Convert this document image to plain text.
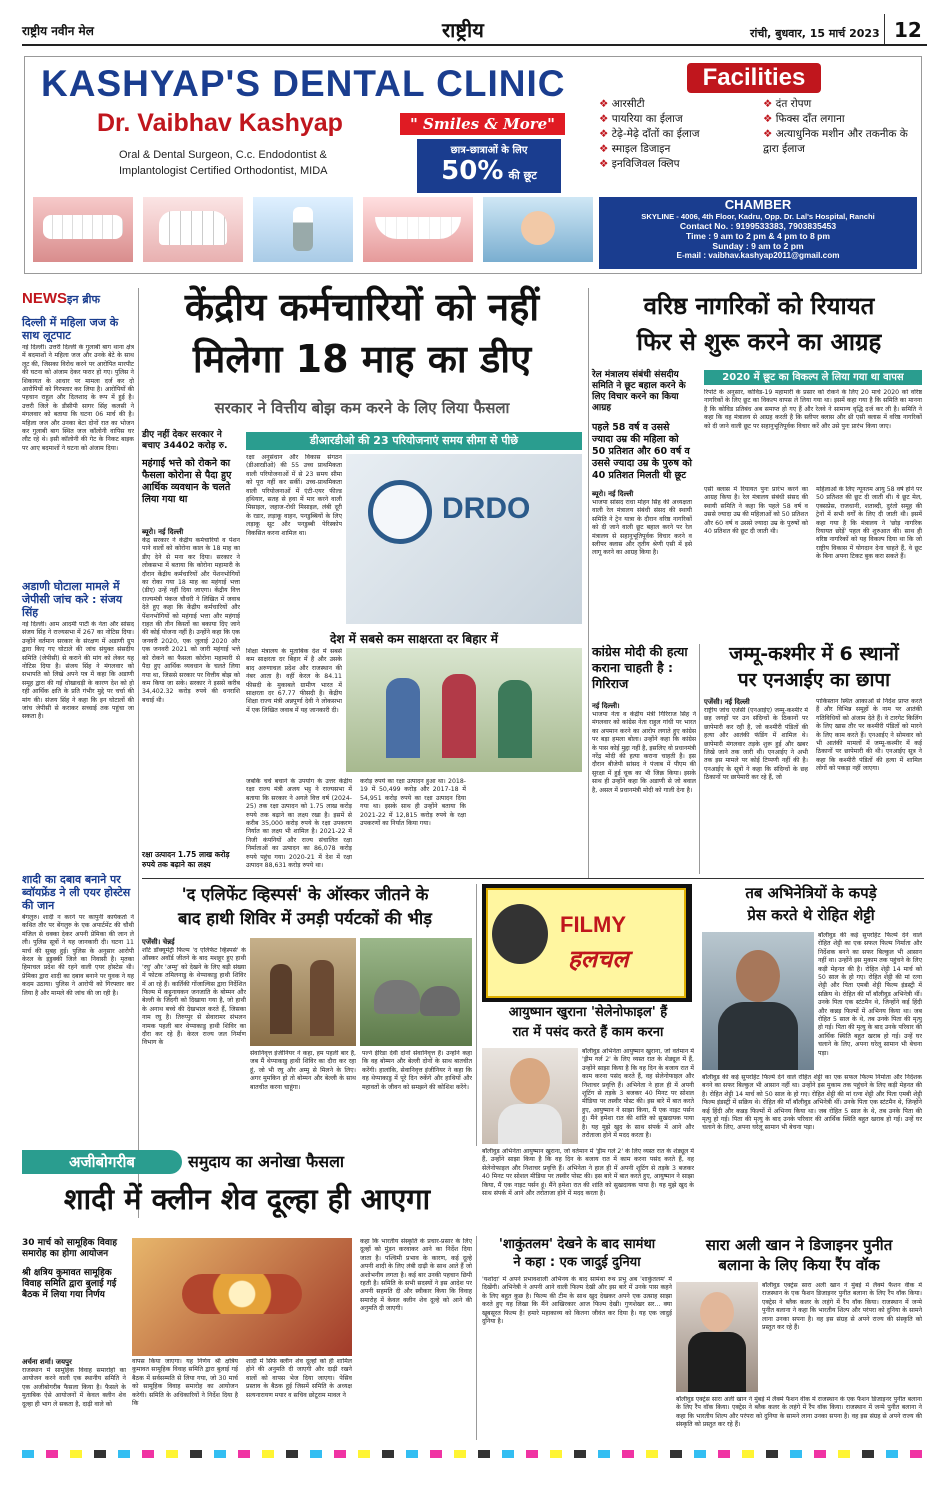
राष्ट्रीय नवीन मेल	राष्ट्रीय	रांची, बुधवार, 15 मार्च 2023 12
KASHYAP'S DENTAL CLINIC
Dr. Vaibhav Kashyap	" Smiles & More"
Oral & Dental Surgeon, C.c. Endodontist &
Implantologist Certified Orthodontist, MIDA
छात्र-छात्राओं के लिए
50% की छूट
Facilities
❖ आरसीटी
❖ पायरिया का ईलाज
❖ टेढ़े-मेढ़े दाँतों का ईलाज
❖ स्माइल डिजाइन
❖ इनविजिवल क्लिप
❖ दंत रोपण
❖ फिक्स दाँत लगाना
❖ अत्याधुनिक मशीन और तकनीक के द्वारा ईलाज
CHAMBER
SKYLINE - 4006, 4th Floor, Kadru, Opp. Dr. Lal's Hospital, Ranchi
Contact No. : 9199533383, 7903835453
Time : 9 am to 2 pm & 4 pm to 8 pm
Sunday : 9 am to 2 pm
E-mail : vaibhav.kashyap2011@gmail.com
NEWSइन ब्रीफ
दिल्ली में महिला जज के साथ लूटपाट
नई दिल्ली। उत्तरी दिल्ली के गुलाबी बाग थाना क्षेत्र में बदमाशों ने महिला जज और उनके बेटे के साथ लूट की, जिसका विरोध करने पर आरोपित मारपीट की घटना को अंजाम देकर फरार हो गए। पुलिस ने शिकायत के आधार पर मामला दर्ज कर दो आरोपियों को गिरफ्तार कर लिया है। आरोपियों की पहचान राहुल और दिलशाद के रूप में हुई है। उत्तरी जिले के डीसीपी सागर सिंह कलसी ने मंगलवार को बताया कि घटना 06 मार्च की है। महिला जज और उनका बेटा दोनों रात का भोजन कर गुलाबी बाग स्थित जज कॉलोनी वापिस घर लौट रहे थे। इसी कॉलोनी की गेट के निकट बाइक पर आए बदमाशों ने घटना को अंजाम दिया।
अडाणी घोटाला मामले में जेपीसी जांच करे : संजय सिंह
नई दिल्ली। आम आदमी पार्टी के नेता और सांसद संजय सिंह ने राज्यसभा में 267 का नोटिस दिया। उन्होंने वर्तमान सरकार के संरक्षण में अडाणी ग्रुप द्वारा किए गए घोटाले की जांच संयुक्त संसदीय समिति (जेपीसी) से कराने की मांग को लेकर यह नोटिस दिया है। संजय सिंह ने मंगलवार को सभापति को लिखे अपने पत्र में कहा कि अडाणी समूह द्वारा की गई धोखाधड़ी के कारण देश को हो रही आर्थिक क्षति के प्रति गंभीर मुद्दे पर चर्चा की मांग की। संजय सिंह ने कहा कि इन घोटालों की जांच जेपीसी से कराकर सच्चाई तक पहुंचा जा सकता है।
शादी का दबाव बनाने पर ब्वॉयफ्रेंड ने ली एयर होस्टेस की जान
बेंगलुरु। शादी न करने पर कापुनी कार्यकर्ता ने कथित तौर पर बेंगलुरु के एक अपार्टमेंट की चौथी मंजिल से धक्का देकर अपनी प्रेमिका की जान ले ली। पुलिस सूत्रों ने यह जानकारी दी। घटना 11 मार्च की सुबह हुई। पुलिस के अनुसार आरोपी केरल के इडुक्की जिले का निवासी है। मृतका हिमाचल प्रदेश की रहने वाली एयर होस्टेस थी। प्रेमिका द्वारा शादी का दबाव बनाने पर युवक ने यह कदम उठाया। पुलिस ने आरोपी को गिरफ्तार कर लिया है और मामले की जांच की जा रही है।
केंद्रीय कर्मचारियों को नहीं
मिलेगा 18 माह का डीए
सरकार ने वित्तीय बोझ कम करने के लिए लिया फैसला
डीए नहीं देकर सरकार ने बचाए 34402 करोड़ रु.
महंगाई भत्ते को रोकने का फैसला कोरोना से पैदा हुए आर्थिक व्यवधान के चलते लिया गया था
ब्यूरो। नई दिल्ली
केंद्र सरकार ने केंद्रीय कर्मचारियों व पेंशन पाने वालों को कोरोना काल के 18 माह का डीए देने से मना कर दिया। सरकार ने लोकसभा में बताया कि कोरोना महामारी के दौरान केंद्रीय कर्मचारियों और पेंशनभोगियों का रोका गया 18 माह का महंगाई भत्ता (डीए) उन्हें नहीं दिया जाएगा। केंद्रीय वित्त राज्यमंत्री पंकज चौधरी ने लिखित में जवाब देते हुए कहा कि केंद्रीय कर्मचारियों और पेंशनभोगियों को महंगाई भत्ता और महंगाई राहत की तीन किस्तों का बकाया दिए जाने की कोई योजना नहीं है। उन्होंने कहा कि एक जनवरी 2020, एक जुलाई 2020 और एक जनवरी 2021 को जारी महंगाई भत्ते को रोकने का फैसला कोरोना महामारी से पैदा हुए आर्थिक व्यवधान के चलते लिया गया था, जिससे सरकार पर वित्तीय बोझ को कम किया जा सके। सरकार ने इससे करीब 34,402.32 करोड़ रुपये की धनराशि बचाई थी।
रक्षा उत्पादन 1.75 लाख करोड़ रुपये तक बढ़ाने का लक्ष्य
डीआरडीओ की 23 परियोजनाएं समय सीमा से पीछे
रक्षा अनुसंधान और विकास संगठन (डीआरडीओ) की 55 उच्च प्राथमिकता वाली परियोजनाओं में से 23 समय सीमा को पूरा नहीं कर सकीं। उच्च-प्राथमिकता वाली परियोजनाओं में एंटी-एयर फील्ड हथियार, सतह से हवा में मार करने वाली मिसाइल, जहाज-रोधी मिसाइल, लंबी दूरी के रडार, लड़ाकू वाहन, पनडुब्बियों के लिए लड़ाकू सूट और पनडुब्बी पेरिस्कोप विकसित करना शामिल था।
DRDO
देश में सबसे कम साक्षरता दर बिहार में
शिक्षा मंत्रालय के मुताबिक देश में सबसे कम साक्षरता दर बिहार में है और उसके बाद अरुणाचल प्रदेश और राजस्थान की नंबर आता है। वहीं केरल के 84.11 फीसदी के मुकाबले ग्रामीण भारत में साक्षरता दर 67.77 फीसदी है। केंद्रीय शिक्षा राज्य मंत्री अन्नपूर्णा देवी ने लोकसभा में एक लिखित जवाब में यह जानकारी दी।
जबकि चर्च बचाने के उपयोग के उत्तर केंद्रीय रक्षा राज्य मंत्री अजय भट्ट ने राज्यसभा में बताया कि सरकार ने अगले वित्त वर्ष (2024-25) तक रक्षा उत्पादन को 1.75 लाख करोड़ रुपये तक बढ़ाने का लक्ष्य रखा है। इसमें से करीब 35,000 करोड़ रुपये के रक्षा उपकरण निर्यात का लक्ष्य भी शामिल है। 2021-22 में निजी कंपनियों और राज्य संचालित रक्षा निर्माताओं का उत्पादन का 86,078 करोड़ रुपये पहुंच गया। 2020-21 में देश में रक्षा उत्पादन 88,631 करोड़ रुपये था।
करोड़ रुपये का रक्षा उत्पादन हुआ था। 2018-19 में 50,499 करोड़ और 2017-18 में 54,951 करोड़ रुपये का रक्षा उत्पादन दिया गया था। इसके साथ ही उन्होंने बताया कि 2021-22 में 12,815 करोड़ रुपये के रक्षा उपकरणों का निर्यात किया गया।
वरिष्ठ नागरिकों को रियायत
फिर से शुरू करने का आग्रह
रेल मंत्रालय संबंधी संसदीय समिति ने छूट बहाल करने के लिए विचार करने का किया आग्रह
पहले 58 वर्ष व उससे ज्यादा उम्र की महिला को 50 प्रतिशत और 60 वर्ष व उससे ज्यादा उम्र के पुरुष को 40 प्रतिशत मिलती थी छूट
ब्यूरो। नई दिल्ली
भाजपा सांसद राधा मोहन सिंह की अध्यक्षता वाली रेल मंत्रालय संबंधी संसद की स्थायी समिति ने ट्रेन यात्रा के दौरान वरिष्ठ नागरिकों को दी जाने वाली छूट बहाल करने पर रेल मंत्रालय से सहानुभूतिपूर्वक विचार करने व स्लीपर क्लास और तृतीय श्रेणी एसी में इसे लागू करने का आग्रह किया है।
2020 में छूट का विकल्प ले लिया गया था वापस
रिपोर्ट के अनुसार, कोविड-19 महामारी के प्रसार को रोकने के लिए 20 मार्च 2020 को वरिष्ठ नागरिकों के लिए छूट का विकल्प वापस ले लिया गया था। इसमें कहा गया है कि समिति का मानना है कि कोविड प्रतिबंध अब समाप्त हो गए हैं और रेलवे ने सामान्य वृद्धि दर्ज कर ली है। समिति ने कहा कि वह मंत्रालय से आग्रह करती है कि स्लीपर क्लास और थ्री एसी क्लास में वरिष्ठ नागरिकों को दी जाने वाली छूट पर सहानुभूतिपूर्वक विचार करें और उसे पुनः प्रारंभ किया जाए।
एसी क्लास में रियायत पुनः प्रारंभ करने का आग्रह किया है। रेल मंत्रालय संबंधी संसद की स्थायी समिति ने कहा कि पहले 58 वर्ष व उससे ज्यादा उम्र की महिलाओं को 50 प्रतिशत और 60 वर्ष व उससे ज्यादा उम्र के पुरुषों को 40 प्रतिशत की छूट दी जाती थी।
महिलाओं के लिए न्यूनतम आयु 58 वर्ष होने पर 50 प्रतिशत की छूट दी जाती थी। ये छूट मेल, एक्सप्रेस, राजधानी, शताब्दी, दुरंतो समूह की ट्रेनों में सभी वर्गों के लिए दी जाती थी। इसमें कहा गया है कि मंत्रालय ने 'छोड़ नागरिक रियायत छोड़ें' पहल की शुरुआत की। साथ ही वरिष्ठ नागरिकों को यह विकल्प दिया था कि जो राष्ट्रीय विकास में योगदान देना चाहते हैं, वे छूट के बिना अपना टिकट बुक करा सकते हैं।
कांग्रेस मोदी की हत्या कराना चाहती है : गिरिराज
नई दिल्ली।
भाजपा नेता व केंद्रीय मंत्री गिरिराज सिंह ने मंगलवार को कांग्रेस नेता राहुल गांधी पर भारत का अपमान करने का आरोप लगाते हुए कांग्रेस पर बड़ा हमला बोला। उन्होंने कहा कि कांग्रेस के पास कोई मुद्दा नहीं है, इसलिए वो प्रधानमंत्री नरेंद्र मोदी की हत्या कराना चाहती है। इस दौरान बीजेपी सांसद ने पंजाब में पीएम की सुरक्षा में हुई चूक का भी जिक्र किया। इसके साथ ही उन्होंने कहा कि अडाणी से जो बवाल है, असल में प्रधानमंत्री मोदी को गाली देना है।
जम्मू-कश्मीर में 6 स्थानों
पर एनआईए का छापा
एजेंसी। नई दिल्ली
राष्ट्रीय जांच एजेंसी (एनआईए) जम्मू-कश्मीर में छह जगहों पर उन संदिग्धों के ठिकानों पर छापेमारी कर रही है, जो कश्मीरी पंडितों की हत्या और आतंकी फंडिंग में शामिल थे। छापेमारी मंगलवार तड़के शुरू हुई और खबर लिखे जाने तक जारी थी। एनआईए ने अभी तक इस मामले पर कोई टिप्पणी नहीं की है। एनआईए के सूत्रों ने कहा कि संदिग्धों के छह ठिकानों पर छापेमारी कर रहे हैं, जो
पाकिस्तान स्थित आकाओं से निर्देश प्राप्त करते हैं और विभिन्न समूहों के नाम पर आतंकी गतिविधियों को अंजाम देते हैं। वे टारगेट किलिंग के लिए खास तौर पर कश्मीरी पंडितों को मारने के लिए काम करते हैं। एनआईए ने सोमवार को भी आतंकी मामलों में जम्मू-कश्मीर में कई ठिकानों पर छापेमारी की थी। एनआईए सूत्र ने कहा कि कश्मीरी पंडितों की हत्या में शामिल लोगों को पकड़ा नहीं जाएगा।
'द एलिफेंट व्हिस्पर्स' के ऑस्कर जीतने के
बाद हाथी शिविर में उमड़ी पर्यटकों की भीड़
एजेंसी। चेन्नई
शॉर्ट डॉक्यूमेंट्री फिल्म 'द एलिफेंट व्हिस्पर्स' के ऑस्कर अवॉर्ड जीतने के बाद मशहूर हुए हाथी 'रघु' और 'अम्मु' को देखने के लिए बड़ी संख्या में फोटक तमिलनाडु के थेप्पाकाडु हाथी शिविर में आ रहे हैं। कार्तिकी गोंजाल्विस द्वारा निर्देशित फिल्म में कट्टुनायकन जनजाति के बोम्मन और बेल्ली के जिंदगी को दिखाया गया है, जो हाथी के अनाथ बच्चे की देखभाल करते हैं, जिसका नाम रघु है। तिरुप्पुर से सेवारामर संभलन नामक पहली बार थेप्पाकाडु हाथी शिविर का दौरा कर रहे हैं। केरल राज्य जल निर्माण विभाग के
सेवानिवृत्त इंजीनियर ने कहा, हम पहली बार है, जब मैं थेप्पाकाडु हाथी शिविर का दौरा कर रहा हूं, जो भी रघु और अम्मु से मिलने के लिए। अगर मुमकिन हो तो बोम्मन और बेल्ली के साथ बातचीत करना चाहूंगा।
पल्ने ईरिडा देवी दोनों सेवानिवृत्त हैं। उन्होंने कहा कि वह बोम्मन और बेल्ली दोनों के साथ बातचीत करेंगी। हालांकि, सेवानिवृत्त इंजीनियर ने कहा कि वह थेप्पाकाडु में पूरे दिन रुकेंगे और हाथियों और महावतों के जीवन को समझने की कोशिश करेंगे।
FILMY
हलचल
आयुष्मान खुराना 'सेलेनोफाइल' हैं
रात में पसंद करते हैं काम करना
बॉलीवुड अभिनेता आयुष्मान खुराना, जो वर्तमान में 'ड्रीम गर्ल 2' के लिए व्यस्त रात के शेड्यूल में हैं, उन्होंने साझा किया है कि वह दिन के बजाय रात में काम करना पसंद करते हैं, वह सेलेनोफाइल और निशाचर प्रवृत्ति हैं। अभिनेता ने हाल ही में अपनी शूटिंग से तड़के 3 बजकर 40 मिनट पर सोशल मीडिया पर तस्वीर पोस्ट की। इस बारे में बात करते हुए, आयुष्मान ने साझा किया, मैं एक नाइट पर्सन हूं। मैंने हमेशा रात की शांति को सुखदायक पाया है। यह मुझे खुद के साथ संपर्क में आने और तरोताजा होने में मदद करता है।
बॉलीवुड अभिनेता आयुष्मान खुराना, जो वर्तमान में 'ड्रीम गर्ल 2' के लिए व्यस्त रात के शेड्यूल में हैं, उन्होंने साझा किया है कि वह दिन के बजाय रात में काम करना पसंद करते हैं, वह सेलेनोफाइल और निशाचर प्रवृत्ति हैं। अभिनेता ने हाल ही में अपनी शूटिंग से तड़के 3 बजकर 40 मिनट पर सोशल मीडिया पर तस्वीर पोस्ट की। इस बारे में बात करते हुए, आयुष्मान ने साझा किया, मैं एक नाइट पर्सन हूं। मैंने हमेशा रात की शांति को सुखदायक पाया है। यह मुझे खुद के साथ संपर्क में आने और तरोताजा होने में मदद करता है।
तब अभिनेत्रियों के कपड़े
प्रेस करते थे रोहित शेट्टी
बॉलीवुड की कई सुपरहिट फिल्में देने वाले रोहित शेट्टी का एक सफल फिल्म निर्माता और निर्देशक बनने का सफर बिल्कुल भी आसान नहीं था। उन्होंने इस मुकाम तक पहुंचने के लिए कड़ी मेहनत की है। रोहित शेट्टी 14 मार्च को 50 साल के हो गए। रोहित शेट्टी की मां रत्ना शेट्टी और पिता एमबी शेट्टी फिल्म इंडस्ट्री में सक्रिय थे। रोहित की माँ बॉलीवुड अभिनेत्री थीं। उनके पिता एक स्टंटमैन थे, जिन्होंने कई हिंदी और कन्नड़ फिल्मों में अभिनय किया था। जब रोहित 5 साल के थे, तब उनके पिता की मृत्यु हो गई। पिता की मृत्यु के बाद उनके परिवार की आर्थिक स्थिति बहुत खराब हो गई। उन्हें घर चलाने के लिए, अपना घरेलू सामान भी बेचना पड़ा।
बॉलीवुड की कई सुपरहिट फिल्में देने वाले रोहित शेट्टी का एक सफल फिल्म निर्माता और निर्देशक बनने का सफर बिल्कुल भी आसान नहीं था। उन्होंने इस मुकाम तक पहुंचने के लिए कड़ी मेहनत की है। रोहित शेट्टी 14 मार्च को 50 साल के हो गए। रोहित शेट्टी की मां रत्ना शेट्टी और पिता एमबी शेट्टी फिल्म इंडस्ट्री में सक्रिय थे। रोहित की माँ बॉलीवुड अभिनेत्री थीं। उनके पिता एक स्टंटमैन थे, जिन्होंने कई हिंदी और कन्नड़ फिल्मों में अभिनय किया था। जब रोहित 5 साल के थे, तब उनके पिता की मृत्यु हो गई। पिता की मृत्यु के बाद उनके परिवार की आर्थिक स्थिति बहुत खराब हो गई। उन्हें घर चलाने के लिए, अपना घरेलू सामान भी बेचना पड़ा।
अजीबोगरीब	समुदाय का अनोखा फैसला
शादी में क्लीन शेव दूल्हा ही आएगा
30 मार्च को सामूहिक विवाह समारोह का होगा आयोजन
श्री क्षत्रिय कुमावत सामूहिक विवाह समिति द्वारा बुलाई गई बैठक में लिया गया निर्णय
कहा कि भारतीय संस्कृति के प्रचार-प्रसार के लिए दूल्हों को मुंडन करवाकर आने का निर्देश दिया जाता है। पश्चिमी प्रभाव के कारण, कई दूल्हे अपनी शादी के लिए लंबी दाढ़ी के साथ आते हैं जो अशोभनीय लगता है। कई बार उनकी पहचान छिपी रहती है। समिति के सभी सदस्यों ने इस आदेश पर अपनी सहमति दी और स्वीकार किया कि विवाह समारोह में केवल क्लीन शेव दूल्हे को आने की अनुमति दी जाएगी।
अर्चना शर्मा। जयपुर
राजस्थान में सामूहिक विवाह समारोहों का आयोजन करने वाली एक स्थानीय समिति ने एक अजीबोगरीब फैसला किया है। फैसले के मुताबिक ऐसे आयोजनों में केवल क्लीन शेव दूल्हा ही भाग ले सकता है, दाढ़ी वाले को
वापस किया जाएगा। यह निर्णय श्री क्षत्रिय कुमावत सामूहिक विवाह समिति द्वारा बुलाई गई बैठक में सर्वसम्मति से लिया गया, जो 30 मार्च को सामूहिक विवाह समारोह का आयोजन करेगी। समिति के अधिकारियों ने निर्देश दिया है कि
शादी में सिर्फ क्लीन शेव दूल्हों को ही शामिल होने की अनुमति दी जाएगी और दाढ़ी रखने वालों को वापस भेज दिया जाएगा। पेसिव प्रस्ताव के बैठक हुई जिसमें समिति के अध्यक्ष सत्यनारायण मयार व सचिव छोटूराम मावल ने
'शाकुंतलम' देखने के बाद सामंथा
ने कहा : एक जादुई दुनिया
'यशोदा' में अपने प्रभावशाली अभिनय के बाद सामंथा रुथ प्रभु अब 'शाकुंतलम' में दिखेंगी। अभिनेत्री ने अपनी आने वाली फिल्म देखी और इस बारे में उनके पास कहने के लिए बहुत कुछ है। फिल्म की टीम के साथ खुद देखकर अपने एक उत्साह साझा करते हुए यह लिखा कि मैंने आखिरकार आज फिल्म देखी। गुणशेखर सर... क्या खूबसूरत फिल्म है! हमारे महाकाव्य को कितना जीवंत कर दिया है। यह एक जादुई दुनिया है।
सारा अली खान ने डिजाइनर पुनीत
बलाना के लिए किया रैंप वॉक
बॉलीवुड एक्ट्रेस सारा अली खान ने मुंबई में लैक्मे फैशन वीक में राजस्थान के एक फैशन डिजाइनर पुनीत बलाना के लिए रैंप वॉक किया। एक्ट्रेस ने ब्लैक कलर के लहंगे में रैंप वॉक किया। राजस्थान में जन्मे पुनीत बलाना ने कहा कि भारतीय शिल्प और परंपरा को दुनिया के सामने लाना उनका सपना है। वह इस संग्रह से अपने राज्य की संस्कृति को प्रस्तुत कर रहे हैं।
बॉलीवुड एक्ट्रेस सारा अली खान ने मुंबई में लैक्मे फैशन वीक में राजस्थान के एक फैशन डिजाइनर पुनीत बलाना के लिए रैंप वॉक किया। एक्ट्रेस ने ब्लैक कलर के लहंगे में रैंप वॉक किया। राजस्थान में जन्मे पुनीत बलाना ने कहा कि भारतीय शिल्प और परंपरा को दुनिया के सामने लाना उनका सपना है। वह इस संग्रह से अपने राज्य की संस्कृति को प्रस्तुत कर रहे हैं।
